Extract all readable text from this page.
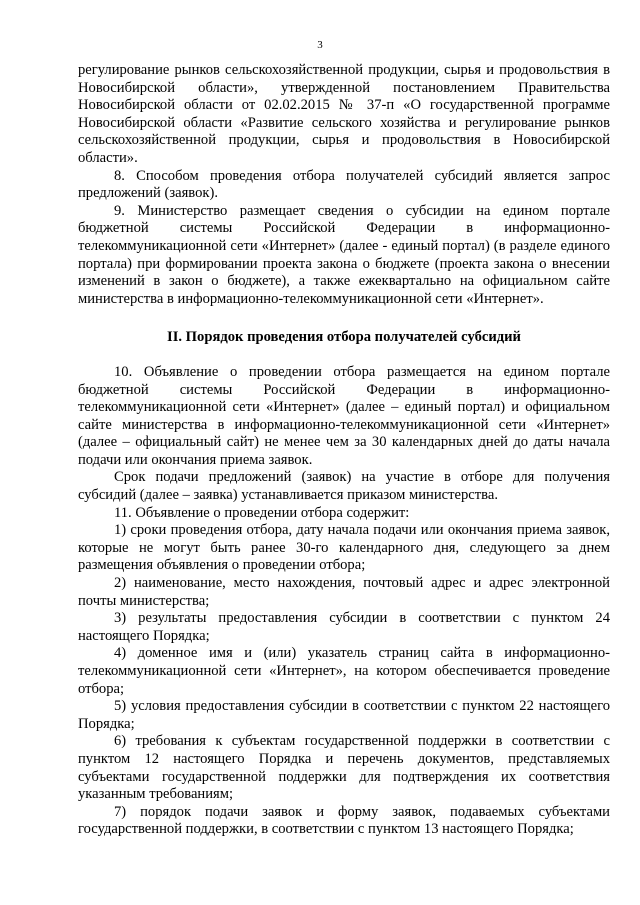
3

регулирование рынков сельскохозяйственной продукции, сырья и продовольствия в Новосибирской области», утвержденной постановлением Правительства Новосибирской области от 02.02.2015 № 37-п «О государственной программе Новосибирской области «Развитие сельского хозяйства и регулирование рынков сельскохозяйственной продукции, сырья и продовольствия в Новосибирской области».

8. Способом проведения отбора получателей субсидий является запрос предложений (заявок).

9. Министерство размещает сведения о субсидии на едином портале бюджетной системы Российской Федерации в информационно-телекоммуникационной сети «Интернет» (далее - единый портал) (в разделе единого портала) при формировании проекта закона о бюджете (проекта закона о внесении изменений в закон о бюджете), а также ежеквартально на официальном сайте министерства в информационно-телекоммуникационной сети «Интернет».

II. Порядок проведения отбора получателей субсидий

10. Объявление о проведении отбора размещается на едином портале бюджетной системы Российской Федерации в информационно-телекоммуникационной сети «Интернет» (далее – единый портал) и официальном сайте министерства в информационно-телекоммуникационной сети «Интернет» (далее – официальный сайт) не менее чем за 30 календарных дней до даты начала подачи или окончания приема заявок.

Срок подачи предложений (заявок) на участие в отборе для получения субсидий (далее – заявка) устанавливается приказом министерства.

11. Объявление о проведении отбора содержит:

1) сроки проведения отбора, дату начала подачи или окончания приема заявок, которые не могут быть ранее 30-го календарного дня, следующего за днем размещения объявления о проведении отбора;

2) наименование, место нахождения, почтовый адрес и адрес электронной почты министерства;

3) результаты предоставления субсидии в соответствии с пунктом 24 настоящего Порядка;

4) доменное имя и (или) указатель страниц сайта в информационно-телекоммуникационной сети «Интернет», на котором обеспечивается проведение отбора;

5) условия предоставления субсидии в соответствии с пунктом 22 настоящего Порядка;

6) требования к субъектам государственной поддержки в соответствии с пунктом 12 настоящего Порядка и перечень документов, представляемых субъектами государственной поддержки для подтверждения их соответствия указанным требованиям;

7) порядок подачи заявок и форму заявок, подаваемых субъектами государственной поддержки, в соответствии с пунктом 13 настоящего Порядка;
